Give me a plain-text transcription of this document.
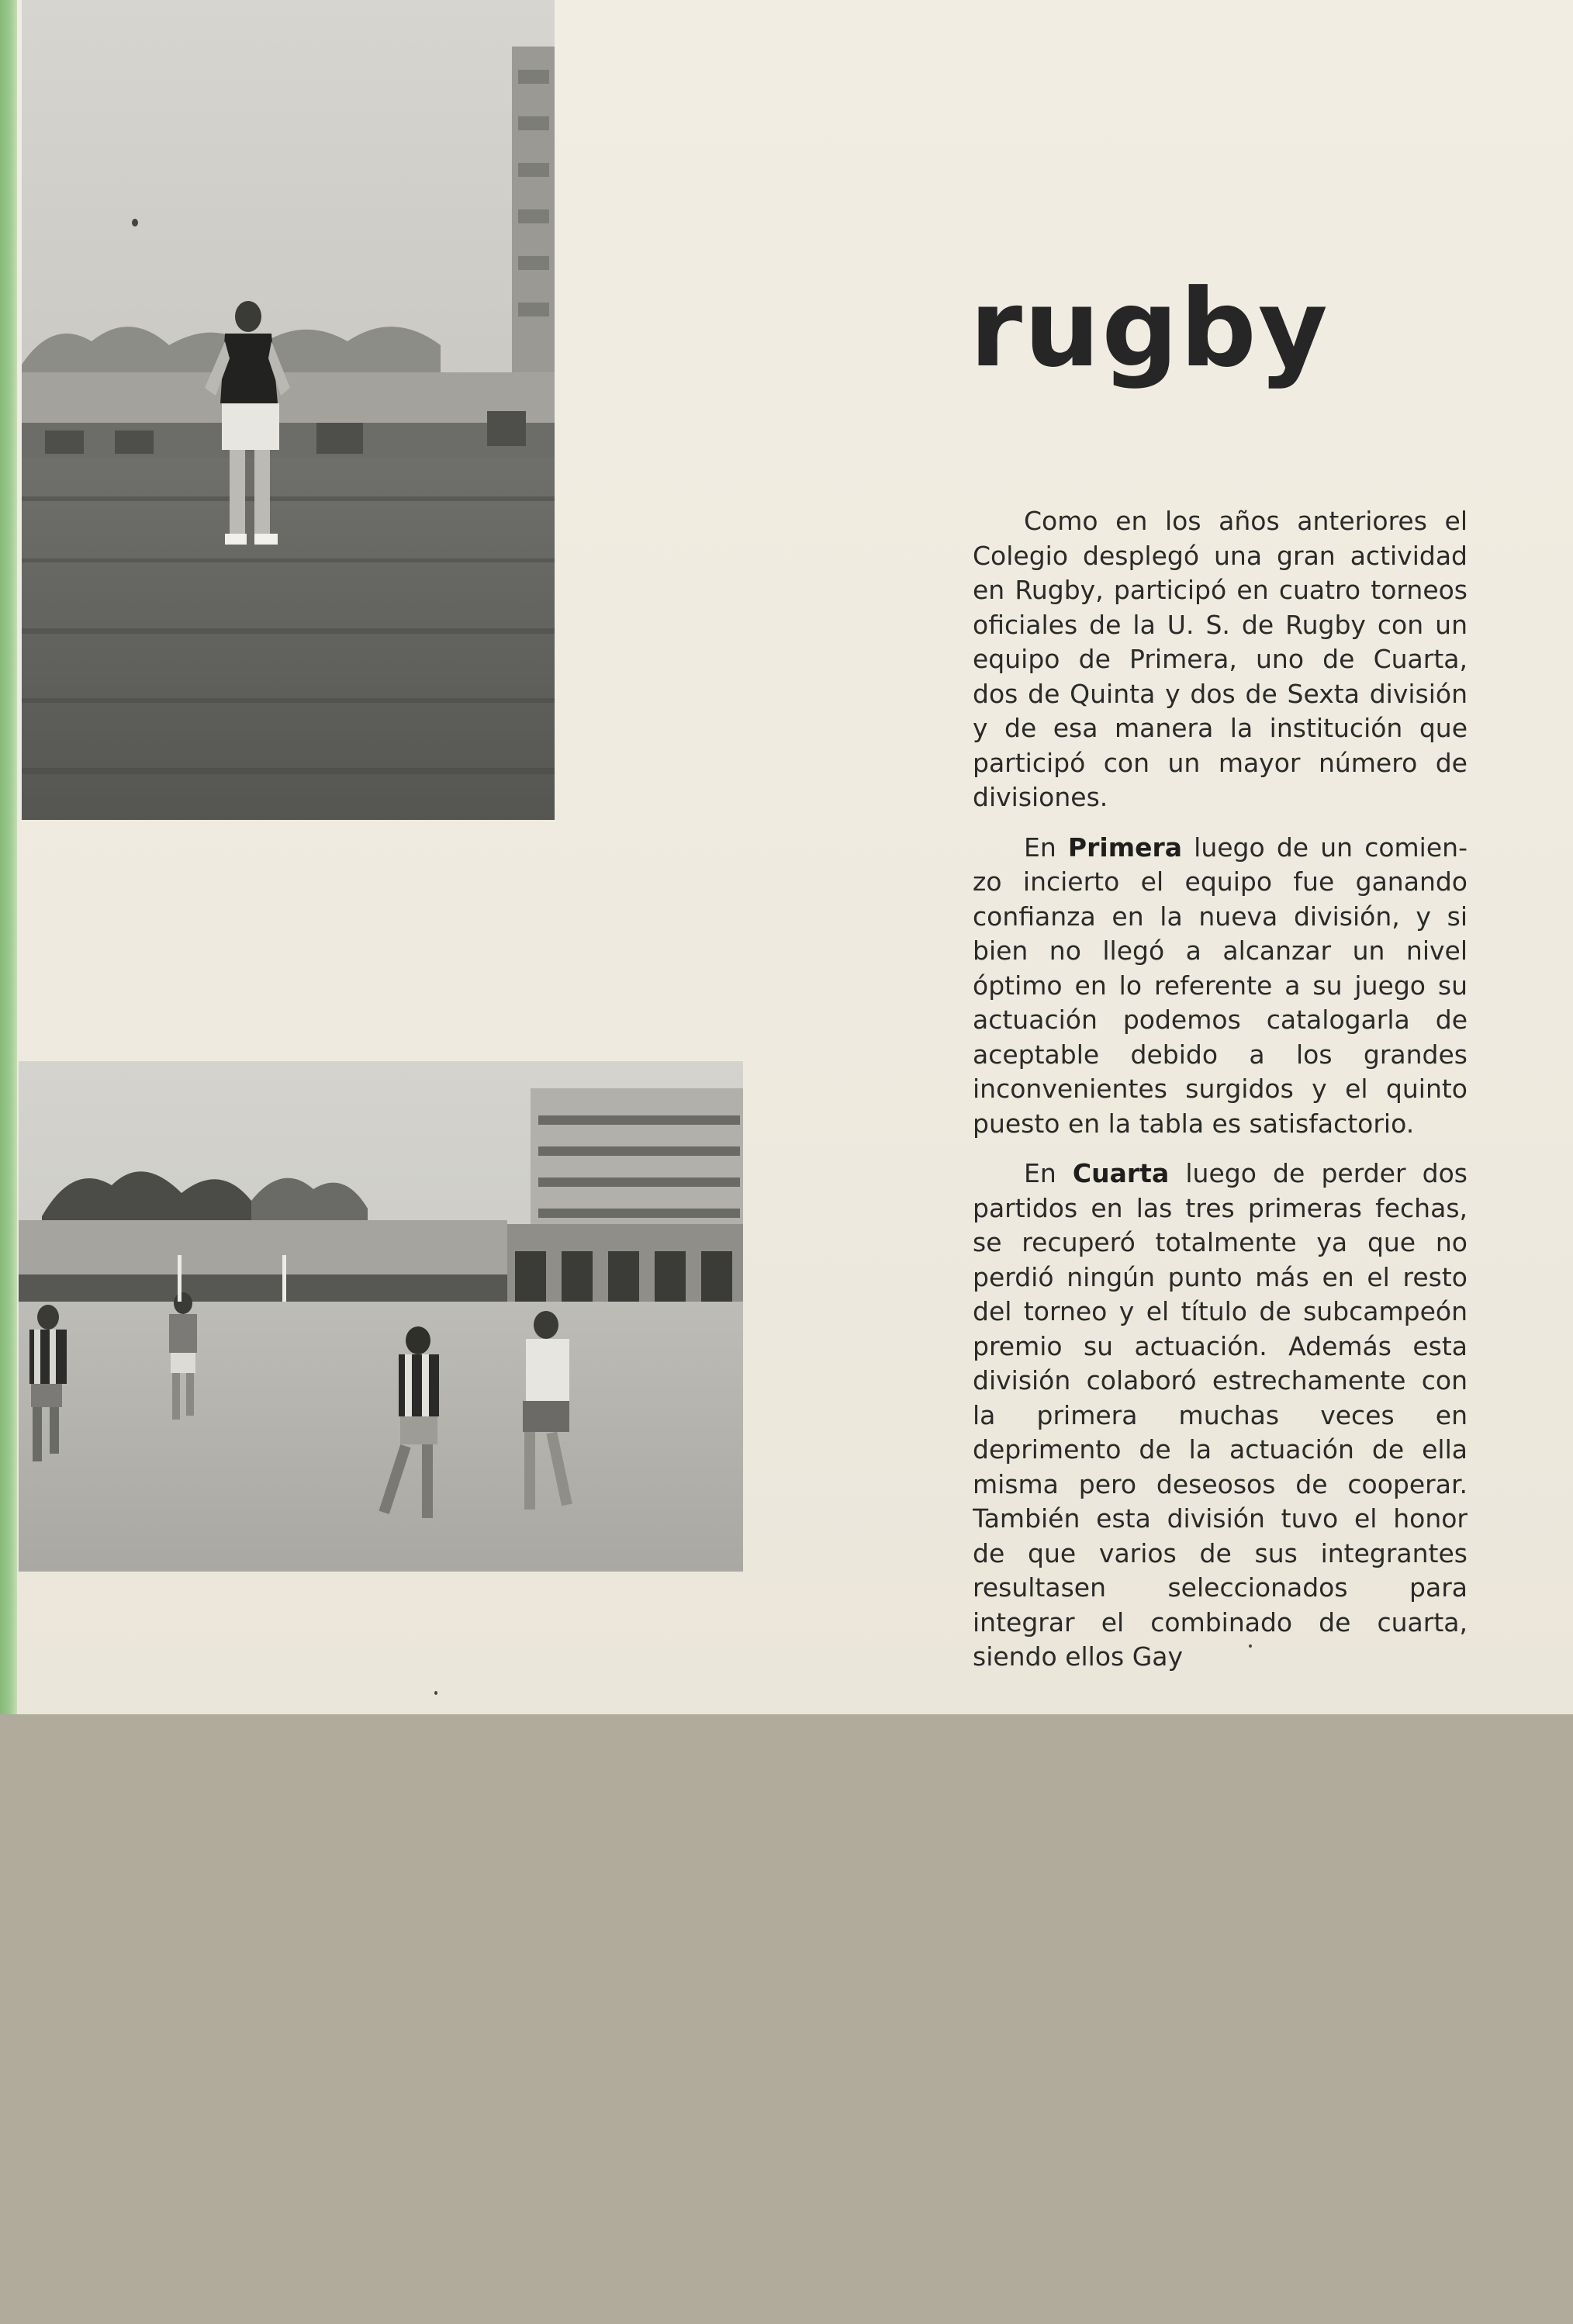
rugby

Como en los años anteriores el Colegio desplegó una gran actividad en Rugby, participó en cuatro torneos oficiales de la U. S. de Rugby con un equipo de Primera, uno de Cuarta, dos de Quinta y dos de Sexta división y de esa manera la institución que participó con un mayor número de divisiones.

En Primera luego de un comienzo incierto el equipo fue ganando confianza en la nueva división, y si bien no llegó a alcanzar un nivel óptimo en lo referente a su juego su actuación podemos catalogarla de aceptable debido a los grandes inconvenientes surgidos y el quinto puesto en la tabla es satisfactorio.

En Cuarta luego de perder dos partidos en las tres primeras fechas, se recuperó totalmente ya que no perdió ningún punto más en el resto del torneo y el título de subcampeón premio su actuación. Además esta división colaboró estrechamente con la primera muchas veces en deprimento de la actuación de ella misma pero deseosos de cooperar. También esta división tuvo el honor de que varios de sus integrantes resultasen seleccionados para integrar el combinado de cuarta, siendo ellos Gay
